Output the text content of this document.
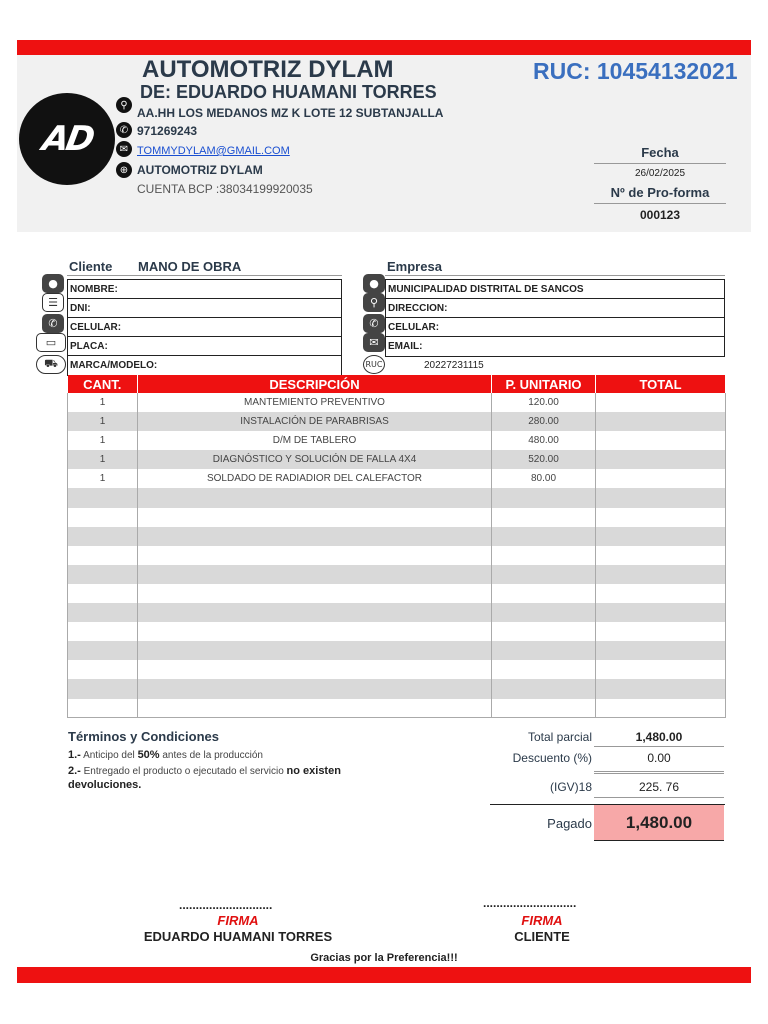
AD
AUTOMOTRIZ DYLAM
DE: EDUARDO HUAMANI TORRES
RUC: 10454132021
⚲
✆
✉
⊕
AA.HH LOS MEDANOS MZ K LOTE 12 SUBTANJALLA
971269243
TOMMYDYLAM@GMAIL.COM
AUTOMOTRIZ DYLAM
CUENTA BCP :38034199920035
Fecha
26/02/2025
Nº de Pro-forma
000123
Cliente MANO DE OBRA
●
☰
✆
▭
⛟
NOMBRE:
DNI:
CELULAR:
PLACA:
MARCA/MODELO:
Empresa
●
⚲
✆
✉
RUC
MUNICIPALIDAD DISTRITAL DE SANCOS
DIRECCION:
CELULAR:
EMAIL:
20227231115
CANT.	DESCRIPCIÓN	P. UNITARIO	TOTAL
1	MANTEMIENTO PREVENTIVO	120.00	
1	INSTALACIÓN DE PARABRISAS	280.00	
1	D/M DE TABLERO	480.00	
1	DIAGNÓSTICO Y SOLUCIÓN DE FALLA 4X4	520.00	
1	SOLDADO DE RADIADIOR DEL CALEFACTOR	80.00	

Términos y Condiciones
1.- Anticipo del 50% antes de la producción
2.- Entregado el producto o ejecutado el servicio no existen
devoluciones.
Total parcial	1,480.00
Descuento (%)	0.00
(IGV)18	225. 76
Pagado	1,480.00
............................
FIRMA
EDUARDO HUAMANI TORRES
............................
FIRMA
CLIENTE
Gracias por la Preferencia!!!
